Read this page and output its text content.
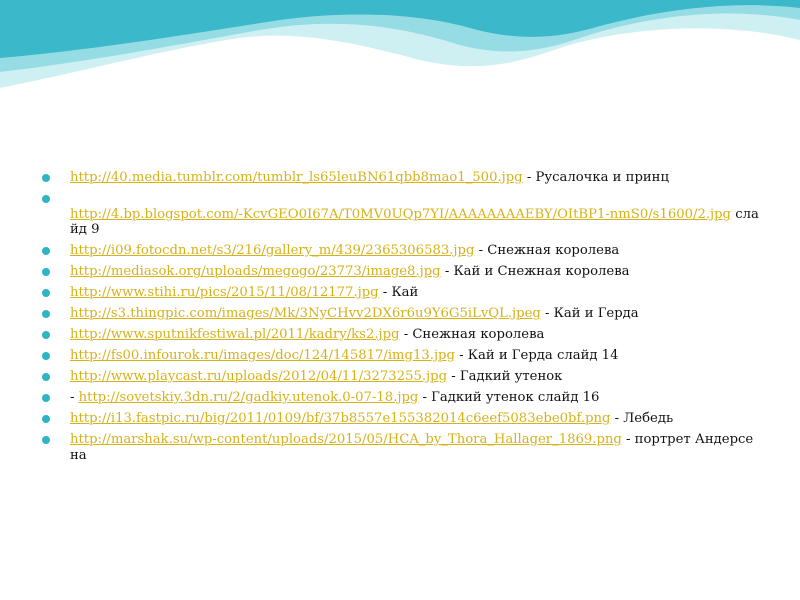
http://40.media.tumblr.com/tumblr_ls65leuBN61qbb8mao1_500.jpg - Русалочка и принц
http://4.bp.blogspot.com/-KcvGEO0I67A/T0MV0UQp7YI/AAAAAAAAEBY/OItBP1-nmS0/s1600/2.jpg слайд 9
http://i09.fotocdn.net/s3/216/gallery_m/439/2365306583.jpg - Снежная королева
http://mediasok.org/uploads/megogo/23773/image8.jpg - Кай и Снежная королева
http://www.stihi.ru/pics/2015/11/08/12177.jpg - Кай
http://s3.thingpic.com/images/Mk/3NyCHvv2DX6r6u9Y6G5iLvQL.jpeg - Кай и Герда
http://www.sputnikfestiwal.pl/2011/kadry/ks2.jpg - Снежная королева
http://fs00.infourok.ru/images/doc/124/145817/img13.jpg - Кай и Герда слайд 14
http://www.playcast.ru/uploads/2012/04/11/3273255.jpg - Гадкий утенок
- http://sovetskiy.3dn.ru/2/gadkiy.utenok.0-07-18.jpg - Гадкий утенок слайд 16
http://i13.fastpic.ru/big/2011/0109/bf/37b8557e155382014c6eef5083ebe0bf.png - Лебедь
http://marshak.su/wp-content/uploads/2015/05/HCA_by_Thora_Hallager_1869.png - портрет Андерсена
